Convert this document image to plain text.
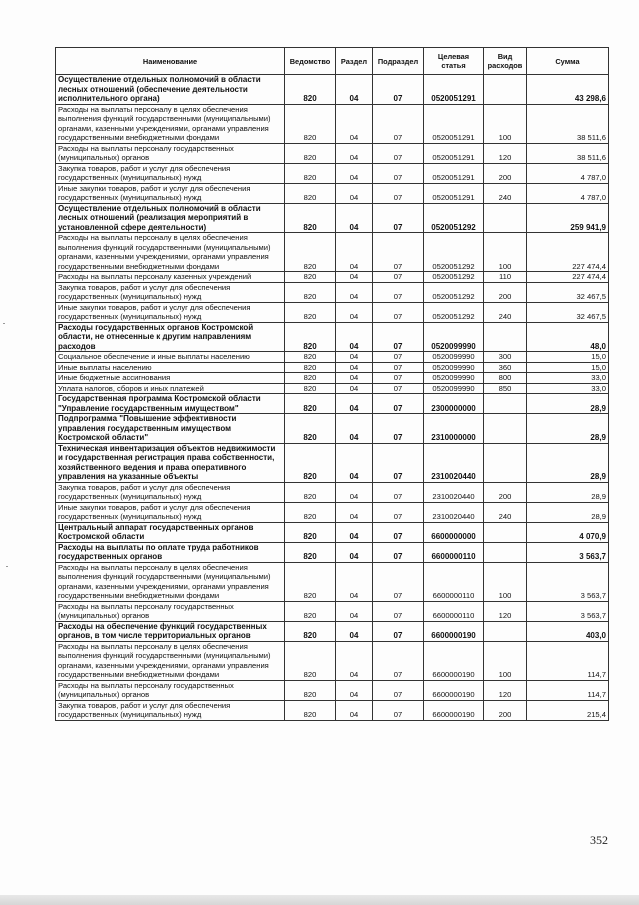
Наименование	Ведомство	Раздел	Подраздел	Целевая статья	Вид расходов	Сумма
Осуществление отдельных полномочий в области лесных отношений (обеспечение деятельности исполнительного органа)	820	04	07	0520051291		43 298,6
Расходы на выплаты персоналу в целях обеспечения выполнения функций государственными (муниципальными) органами, казенными учреждениями, органами управления государственными внебюджетными фондами	820	04	07	0520051291	100	38 511,6
Расходы на выплаты персоналу государственных (муниципальных) органов	820	04	07	0520051291	120	38 511,6
Закупка товаров, работ и услуг для обеспечения государственных (муниципальных) нужд	820	04	07	0520051291	200	4 787,0
Иные закупки товаров, работ и услуг для обеспечения государственных (муниципальных) нужд	820	04	07	0520051291	240	4 787,0
Осуществление отдельных полномочий в области лесных отношений (реализация мероприятий в установленной сфере деятельности)	820	04	07	0520051292		259 941,9
Расходы на выплаты персоналу в целях обеспечения выполнения функций государственными (муниципальными) органами, казенными учреждениями, органами управления государственными внебюджетными фондами	820	04	07	0520051292	100	227 474,4
Расходы на выплаты персоналу казенных учреждений	820	04	07	0520051292	110	227 474,4
Закупка товаров, работ и услуг для обеспечения государственных (муниципальных) нужд	820	04	07	0520051292	200	32 467,5
Иные закупки товаров, работ и услуг для обеспечения государственных (муниципальных) нужд	820	04	07	0520051292	240	32 467,5
Расходы государственных органов Костромской области, не отнесенные к другим направлениям расходов	820	04	07	0520099990		48,0
Социальное обеспечение и иные выплаты населению	820	04	07	0520099990	300	15,0
Иные выплаты населению	820	04	07	0520099990	360	15,0
Иные бюджетные ассигнования	820	04	07	0520099990	800	33,0
Уплата налогов, сборов и иных платежей	820	04	07	0520099990	850	33,0
Государственная программа Костромской области "Управление государственным имуществом"	820	04	07	2300000000		28,9
Подпрограмма "Повышение эффективности управления государственным имуществом Костромской области"	820	04	07	2310000000		28,9
Техническая инвентаризация объектов недвижимости и государственная регистрация права собственности, хозяйственного ведения и права оперативного управления на указанные объекты	820	04	07	2310020440		28,9
Закупка товаров, работ и услуг для обеспечения государственных (муниципальных) нужд	820	04	07	2310020440	200	28,9
Иные закупки товаров, работ и услуг для обеспечения государственных (муниципальных) нужд	820	04	07	2310020440	240	28,9
Центральный аппарат государственных органов Костромской области	820	04	07	6600000000		4 070,9
Расходы на выплаты по оплате труда работников государственных органов	820	04	07	6600000110		3 563,7
Расходы на выплаты персоналу в целях обеспечения выполнения функций государственными (муниципальными) органами, казенными учреждениями, органами управления государственными внебюджетными фондами	820	04	07	6600000110	100	3 563,7
Расходы на выплаты персоналу государственных (муниципальных) органов	820	04	07	6600000110	120	3 563,7
Расходы на обеспечение функций государственных органов, в том числе территориальных органов	820	04	07	6600000190		403,0
Расходы на выплаты персоналу в целях обеспечения выполнения функций государственными (муниципальными) органами, казенными учреждениями, органами управления государственными внебюджетными фондами	820	04	07	6600000190	100	114,7
Расходы на выплаты персоналу государственных (муниципальных) органов	820	04	07	6600000190	120	114,7
Закупка товаров, работ и услуг для обеспечения государственных (муниципальных) нужд	820	04	07	6600000190	200	215,4
352
